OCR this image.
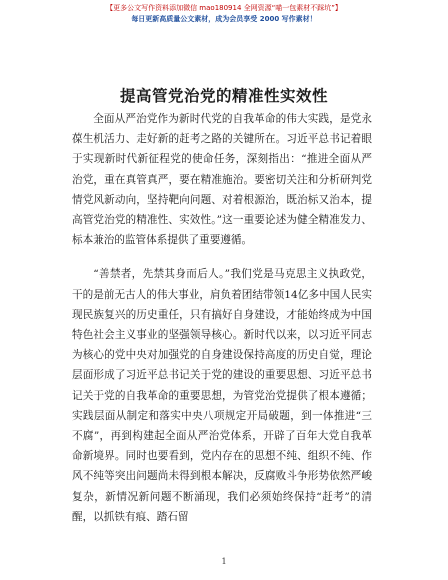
【更多公文写作资料添加微信 mao180914 全网资源“喵一包素材不踩坑”】
每日更新高质量公文素材，成为会员享受 2000 写作素材！
提高管党治党的精准性实效性

全面从严治党作为新时代党的自我革命的伟大实践，是党永葆生机活力、走好新的赶考之路的关键所在。习近平总书记着眼于实现新时代新征程党的使命任务，深刻指出：“推进全面从严治党，重在真管真严，要在精准施治。要密切关注和分析研判党情党风新动向，坚持靶向问题、对着根源治，既治标又治本，提高管党治党的精准性、实效性。”这一重要论述为健全精准发力、标本兼治的监管体系提供了重要遵循。

“善禁者，先禁其身而后人。”我们党是马克思主义执政党，干的是前无古人的伟大事业，肩负着团结带领14亿多中国人民实现民族复兴的历史重任，只有搞好自身建设，才能始终成为中国特色社会主义事业的坚强领导核心。新时代以来，以习近平同志为核心的党中央对加强党的自身建设保持高度的历史自觉，理论层面形成了习近平总书记关于党的建设的重要思想、习近平总书记关于党的自我革命的重要思想，为管党治党提供了根本遵循；实践层面从制定和落实中央八项规定开局破题，到一体推进“三不腐”，再到构建起全面从严治党体系，开辟了百年大党自我革命新境界。同时也要看到，党内存在的思想不纯、组织不纯、作风不纯等突出问题尚未得到根本解决，反腐败斗争形势依然严峻复杂，新情况新问题不断涌现，我们必须始终保持“赶考”的清醒，以抓铁有痕、踏石留

1
